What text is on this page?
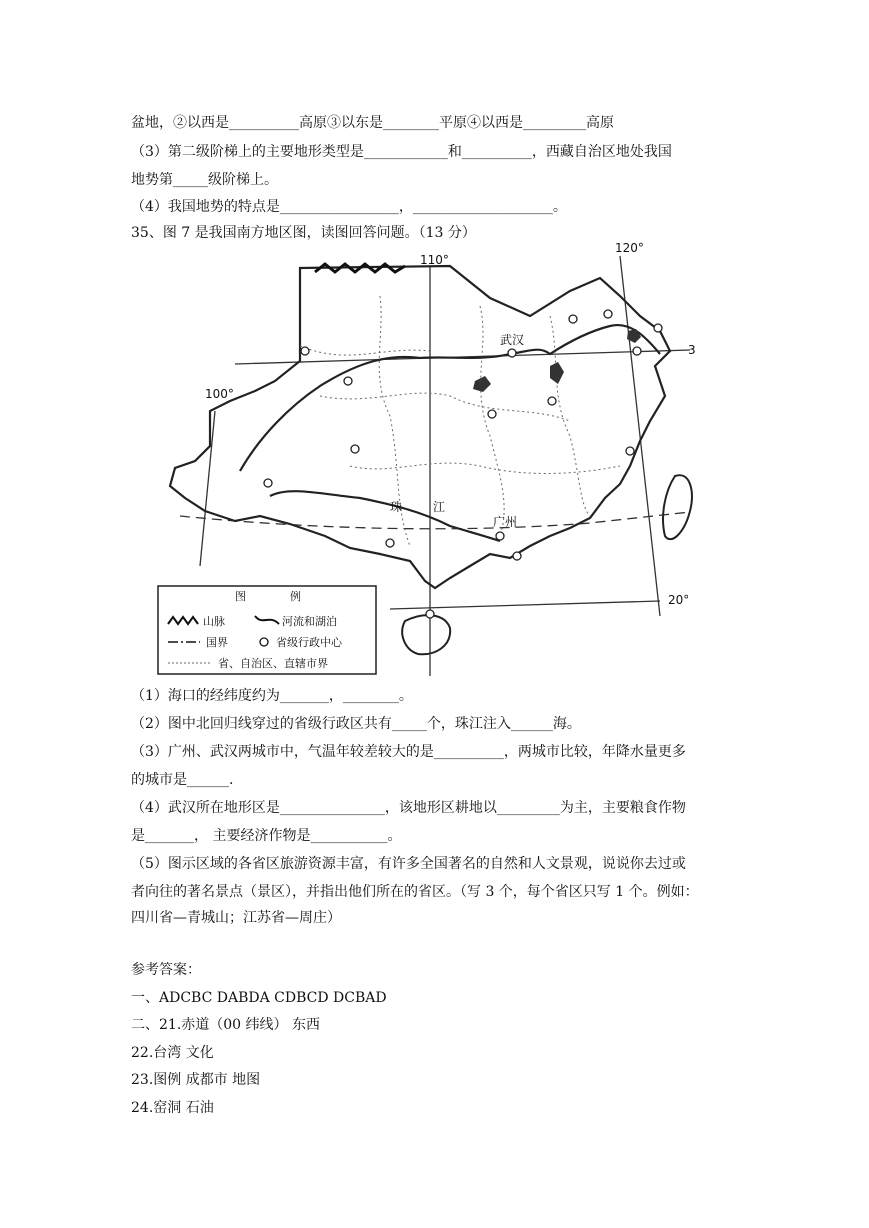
盆地，②以西是__________高原③以东是________平原④以西是_________高原
（3）第二级阶梯上的主要地形类型是____________和__________，西藏自治区地处我国
地势第_____级阶梯上。
（4）我国地势的特点是_________________，____________________。
35、图 7 是我国南方地区图，读图回答问题。（13 分）
110°
120°
100°
20°
3
武汉
珠	江
广州
图	例
山脉	河流和湖泊
国界	省级行政中心
省、自治区、直辖市界
（1）海口的经纬度约为_______，________。
（2）图中北回归线穿过的省级行政区共有_____个，珠江注入______海。
（3）广州、武汉两城市中，气温年较差较大的是__________，两城市比较，年降水量更多
的城市是______.
（4）武汉所在地形区是_______________，该地形区耕地以_________为主，主要粮食作物
是_______， 主要经济作物是___________。
（5）图示区域的各省区旅游资源丰富，有许多全国著名的自然和人文景观，说说你去过或
者向往的著名景点（景区），并指出他们所在的省区。（写 3 个，每个省区只写 1 个。例如：
四川省—青城山；江苏省—周庄）
参考答案：
一、ADCBC DABDA CDBCD DCBAD
二、21.赤道（00 纬线） 东西
22.台湾 文化
23.图例 成都市 地图
24.窑洞 石油
